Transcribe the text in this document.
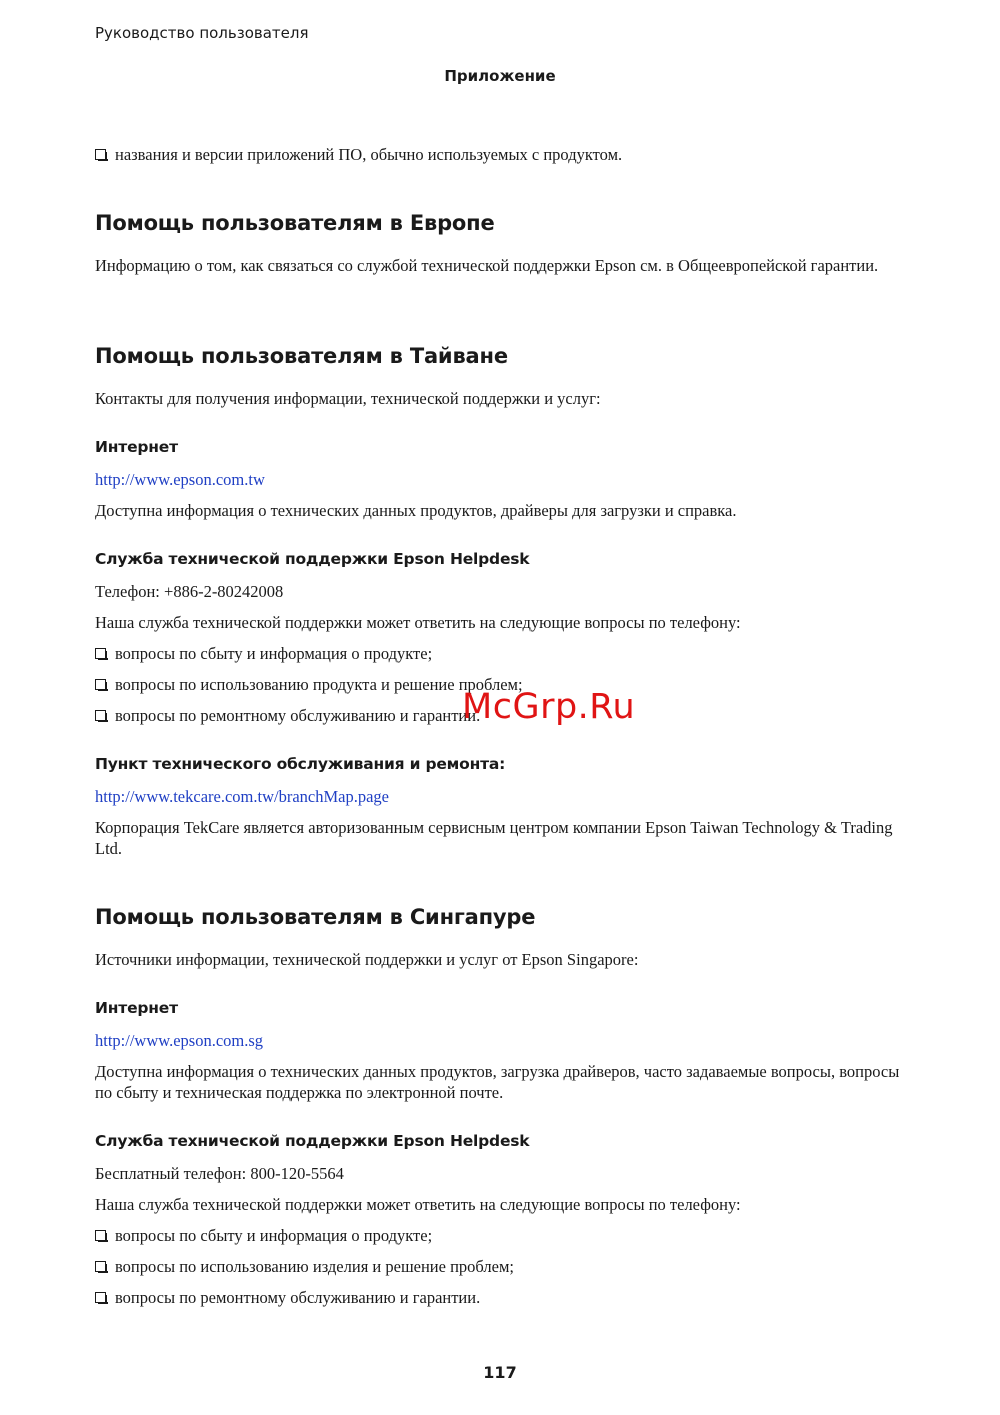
Руководство пользователя
Приложение
названия и версии приложений ПО, обычно используемых с продуктом.
Помощь пользователям в Европе
Информацию о том, как связаться со службой технической поддержки Epson см. в Общеевропейской гарантии.
Помощь пользователям в Тайване
Контакты для получения информации, технической поддержки и услуг:
Интернет
http://www.epson.com.tw
Доступна информация о технических данных продуктов, драйверы для загрузки и справка.
Служба технической поддержки Epson Helpdesk
Телефон: +886-2-80242008
Наша служба технической поддержки может ответить на следующие вопросы по телефону:
вопросы по сбыту и информация о продукте;
вопросы по использованию продукта и решение проблем;
вопросы по ремонтному обслуживанию и гарантии.
Пункт технического обслуживания и ремонта:
http://www.tekcare.com.tw/branchMap.page
Корпорация TekCare является авторизованным сервисным центром компании Epson Taiwan Technology & Trading Ltd.
Помощь пользователям в Сингапуре
Источники информации, технической поддержки и услуг от Epson Singapore:
Интернет
http://www.epson.com.sg
Доступна информация о технических данных продуктов, загрузка драйверов, часто задаваемые вопросы, вопросы по сбыту и техническая поддержка по электронной почте.
Служба технической поддержки Epson Helpdesk
Бесплатный телефон: 800-120-5564
Наша служба технической поддержки может ответить на следующие вопросы по телефону:
вопросы по сбыту и информация о продукте;
вопросы по использованию изделия и решение проблем;
вопросы по ремонтному обслуживанию и гарантии.
117
McGrp.Ru
